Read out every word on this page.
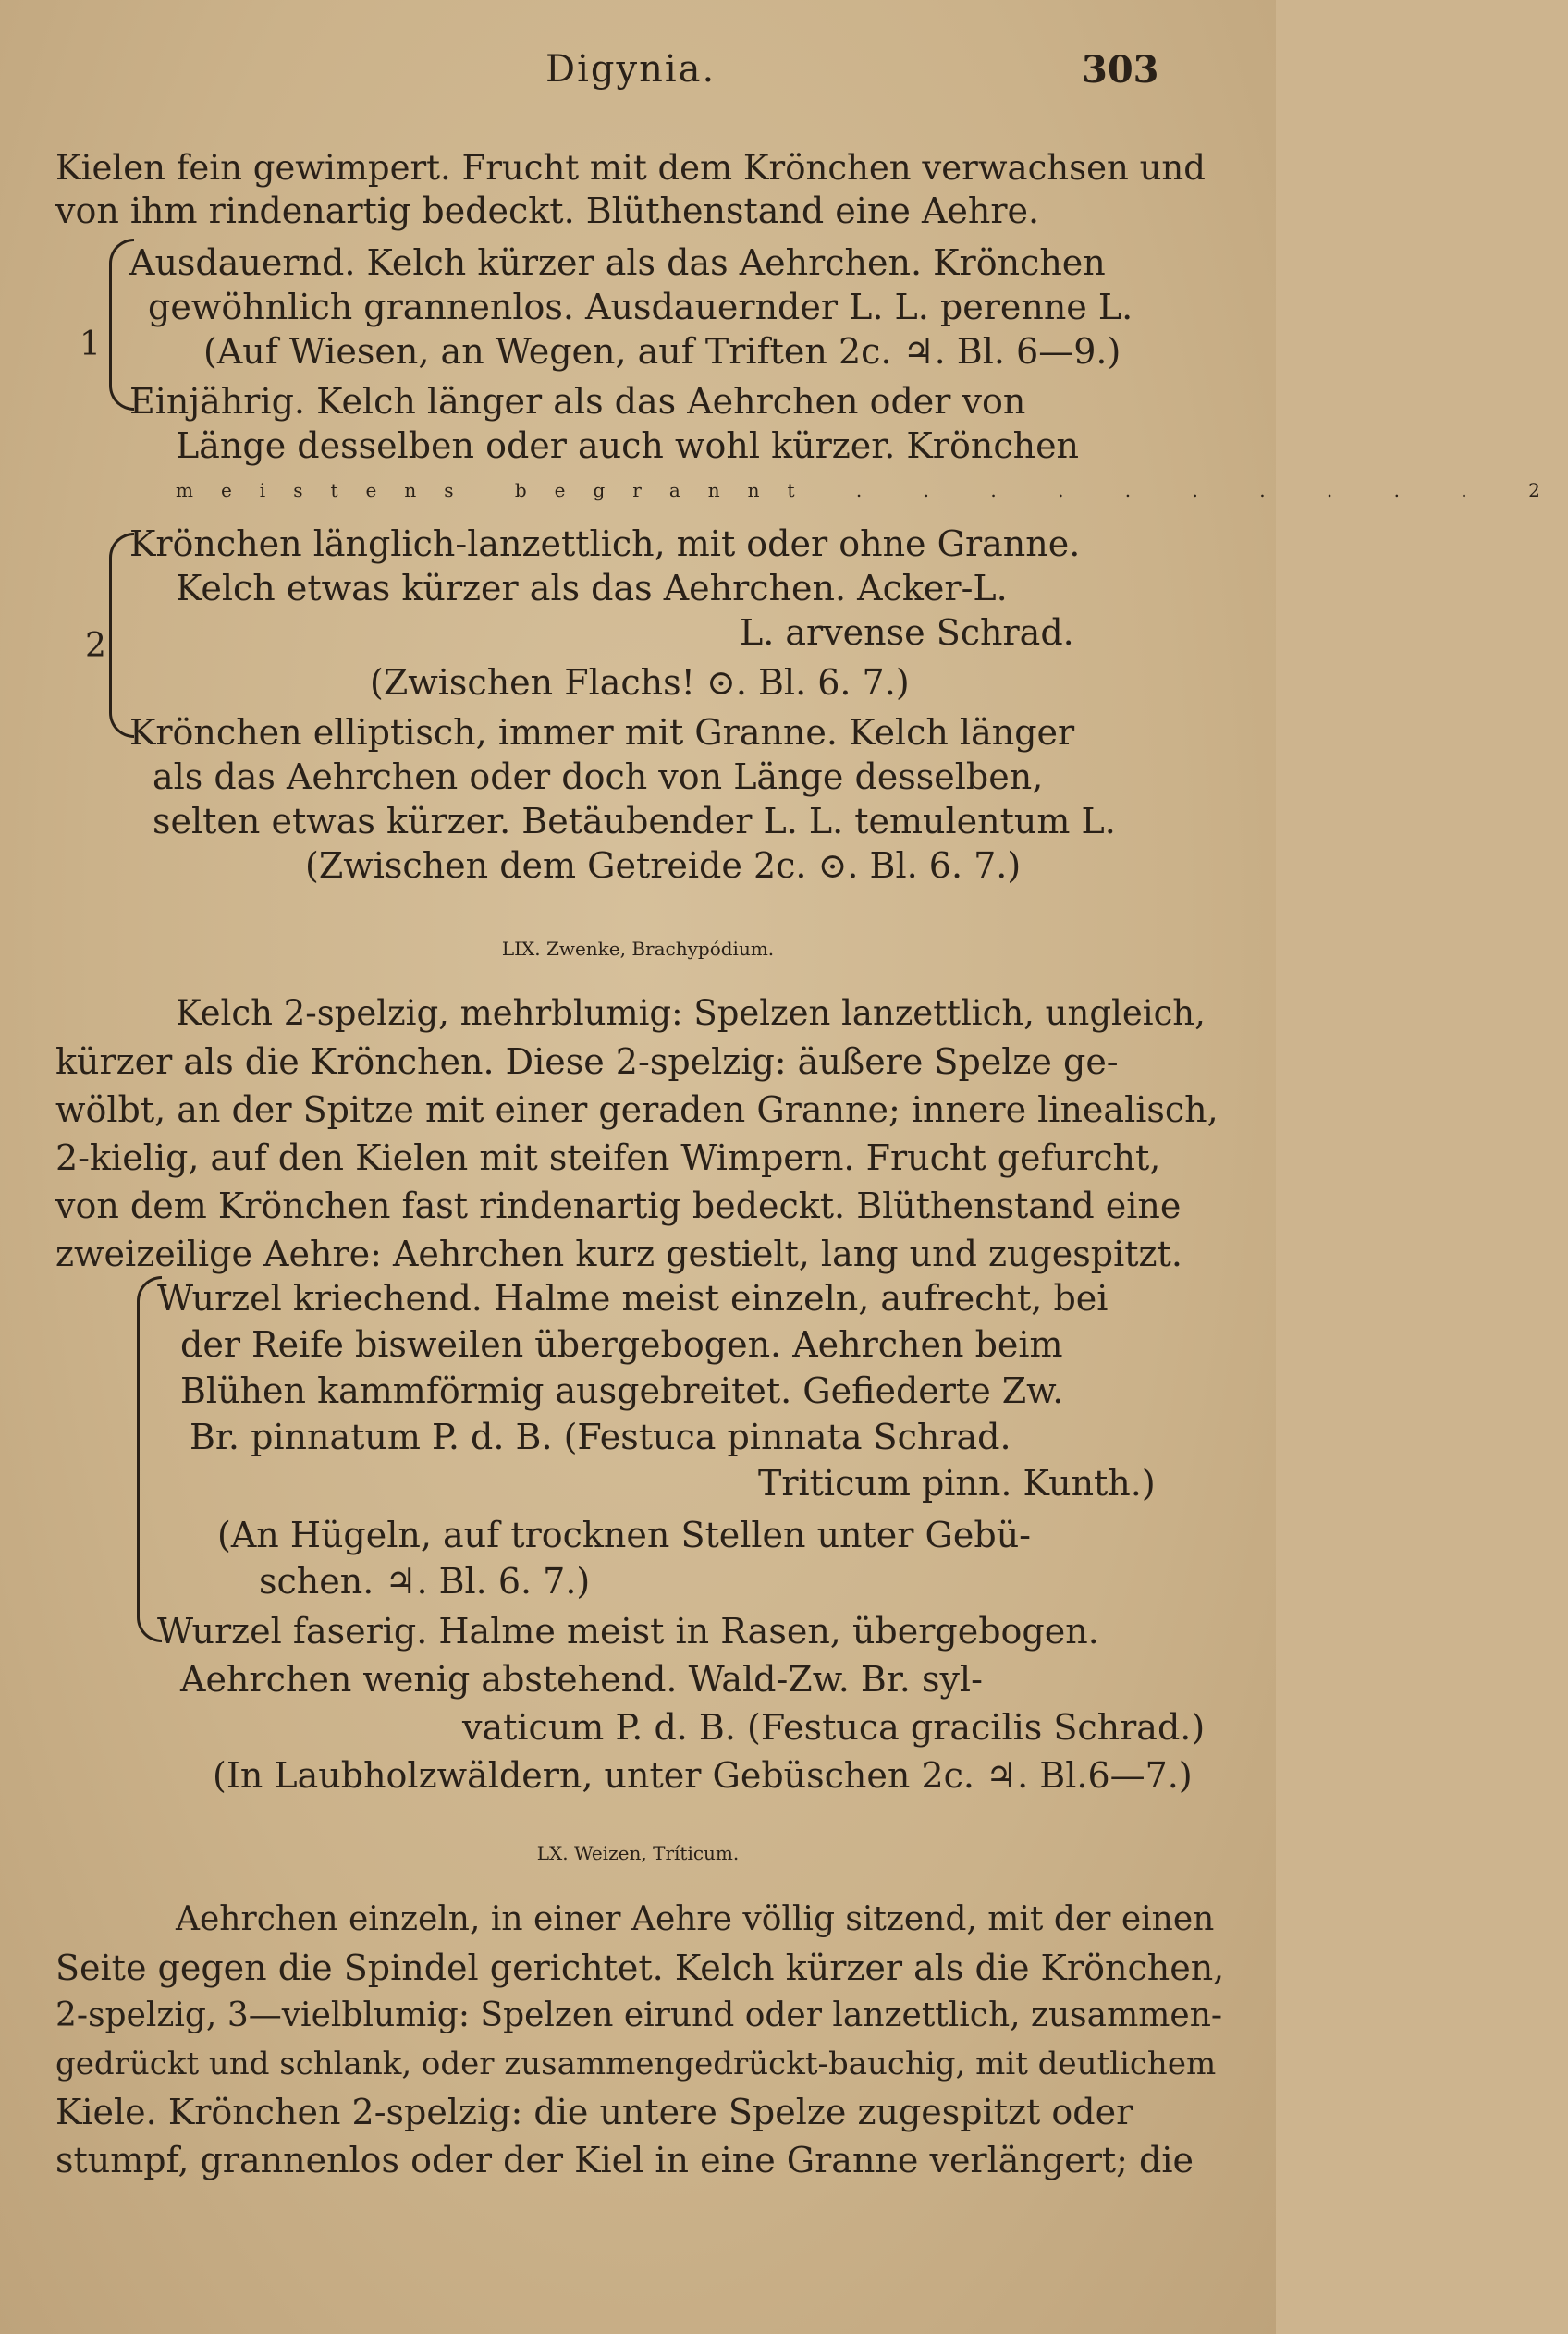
Digynia.	303
Kielen fein gewimpert. Frucht mit dem Krönchen verwachsen und
von ihm rindenartig bedeckt. Blüthenstand eine Aehre.
1
Ausdauernd. Kelch kürzer als das Aehrchen. Krönchen
gewöhnlich grannenlos. Ausdauernder L. L. perenne L.
(Auf Wiesen, an Wegen, auf Triften 2c. ♃. Bl. 6—9.)
Einjährig. Kelch länger als das Aehrchen oder von
Länge desselben oder auch wohl kürzer. Krönchen
meistens begrannt . . . . . . . . . . 2
2
Krönchen länglich-lanzettlich, mit oder ohne Granne.
Kelch etwas kürzer als das Aehrchen. Acker-L.
L. arvense Schrad.
(Zwischen Flachs! ⊙. Bl. 6. 7.)
Krönchen elliptisch, immer mit Granne. Kelch länger
als das Aehrchen oder doch von Länge desselben,
selten etwas kürzer. Betäubender L. L. temulentum L.
(Zwischen dem Getreide 2c. ⊙. Bl. 6. 7.)
LIX. Zwenke, Brachypódium.
Kelch 2-spelzig, mehrblumig: Spelzen lanzettlich, ungleich,
kürzer als die Krönchen. Diese 2-spelzig: äußere Spelze ge-
wölbt, an der Spitze mit einer geraden Granne; innere linealisch,
2-kielig, auf den Kielen mit steifen Wimpern. Frucht gefurcht,
von dem Krönchen fast rindenartig bedeckt. Blüthenstand eine
zweizeilige Aehre: Aehrchen kurz gestielt, lang und zugespitzt.
Wurzel kriechend. Halme meist einzeln, aufrecht, bei
der Reife bisweilen übergebogen. Aehrchen beim
Blühen kammförmig ausgebreitet. Gefiederte Zw.
Br. pinnatum P. d. B. (Festuca pinnata Schrad.
Triticum pinn. Kunth.)
(An Hügeln, auf trocknen Stellen unter Gebü-
schen. ♃. Bl. 6. 7.)
Wurzel faserig. Halme meist in Rasen, übergebogen.
Aehrchen wenig abstehend. Wald-Zw. Br. syl-
vaticum P. d. B. (Festuca gracilis Schrad.)
(In Laubholzwäldern, unter Gebüschen 2c. ♃. Bl.6—7.)
LX. Weizen, Tríticum.
Aehrchen einzeln, in einer Aehre völlig sitzend, mit der einen
Seite gegen die Spindel gerichtet. Kelch kürzer als die Krönchen,
2-spelzig, 3—vielblumig: Spelzen eirund oder lanzettlich, zusammen-
gedrückt und schlank, oder zusammengedrückt-bauchig, mit deutlichem
Kiele. Krönchen 2-spelzig: die untere Spelze zugespitzt oder
stumpf, grannenlos oder der Kiel in eine Granne verlängert; die
